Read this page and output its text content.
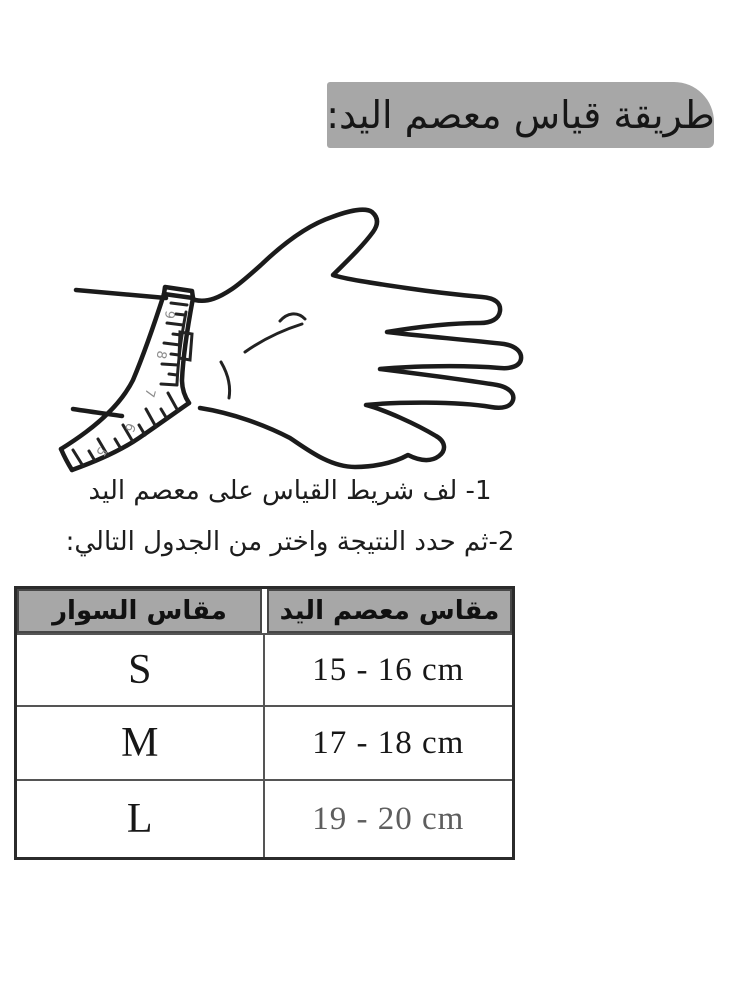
طريقة قياس معصم اليد:
9
8
7
6
5
1- لف شريط القياس على معصم اليد
2-ثم حدد النتيجة واختر من الجدول التالي:
مقاس السوار	مقاس معصم اليد
S	15 - 16 cm
M	17 - 18 cm
L	19 - 20 cm
